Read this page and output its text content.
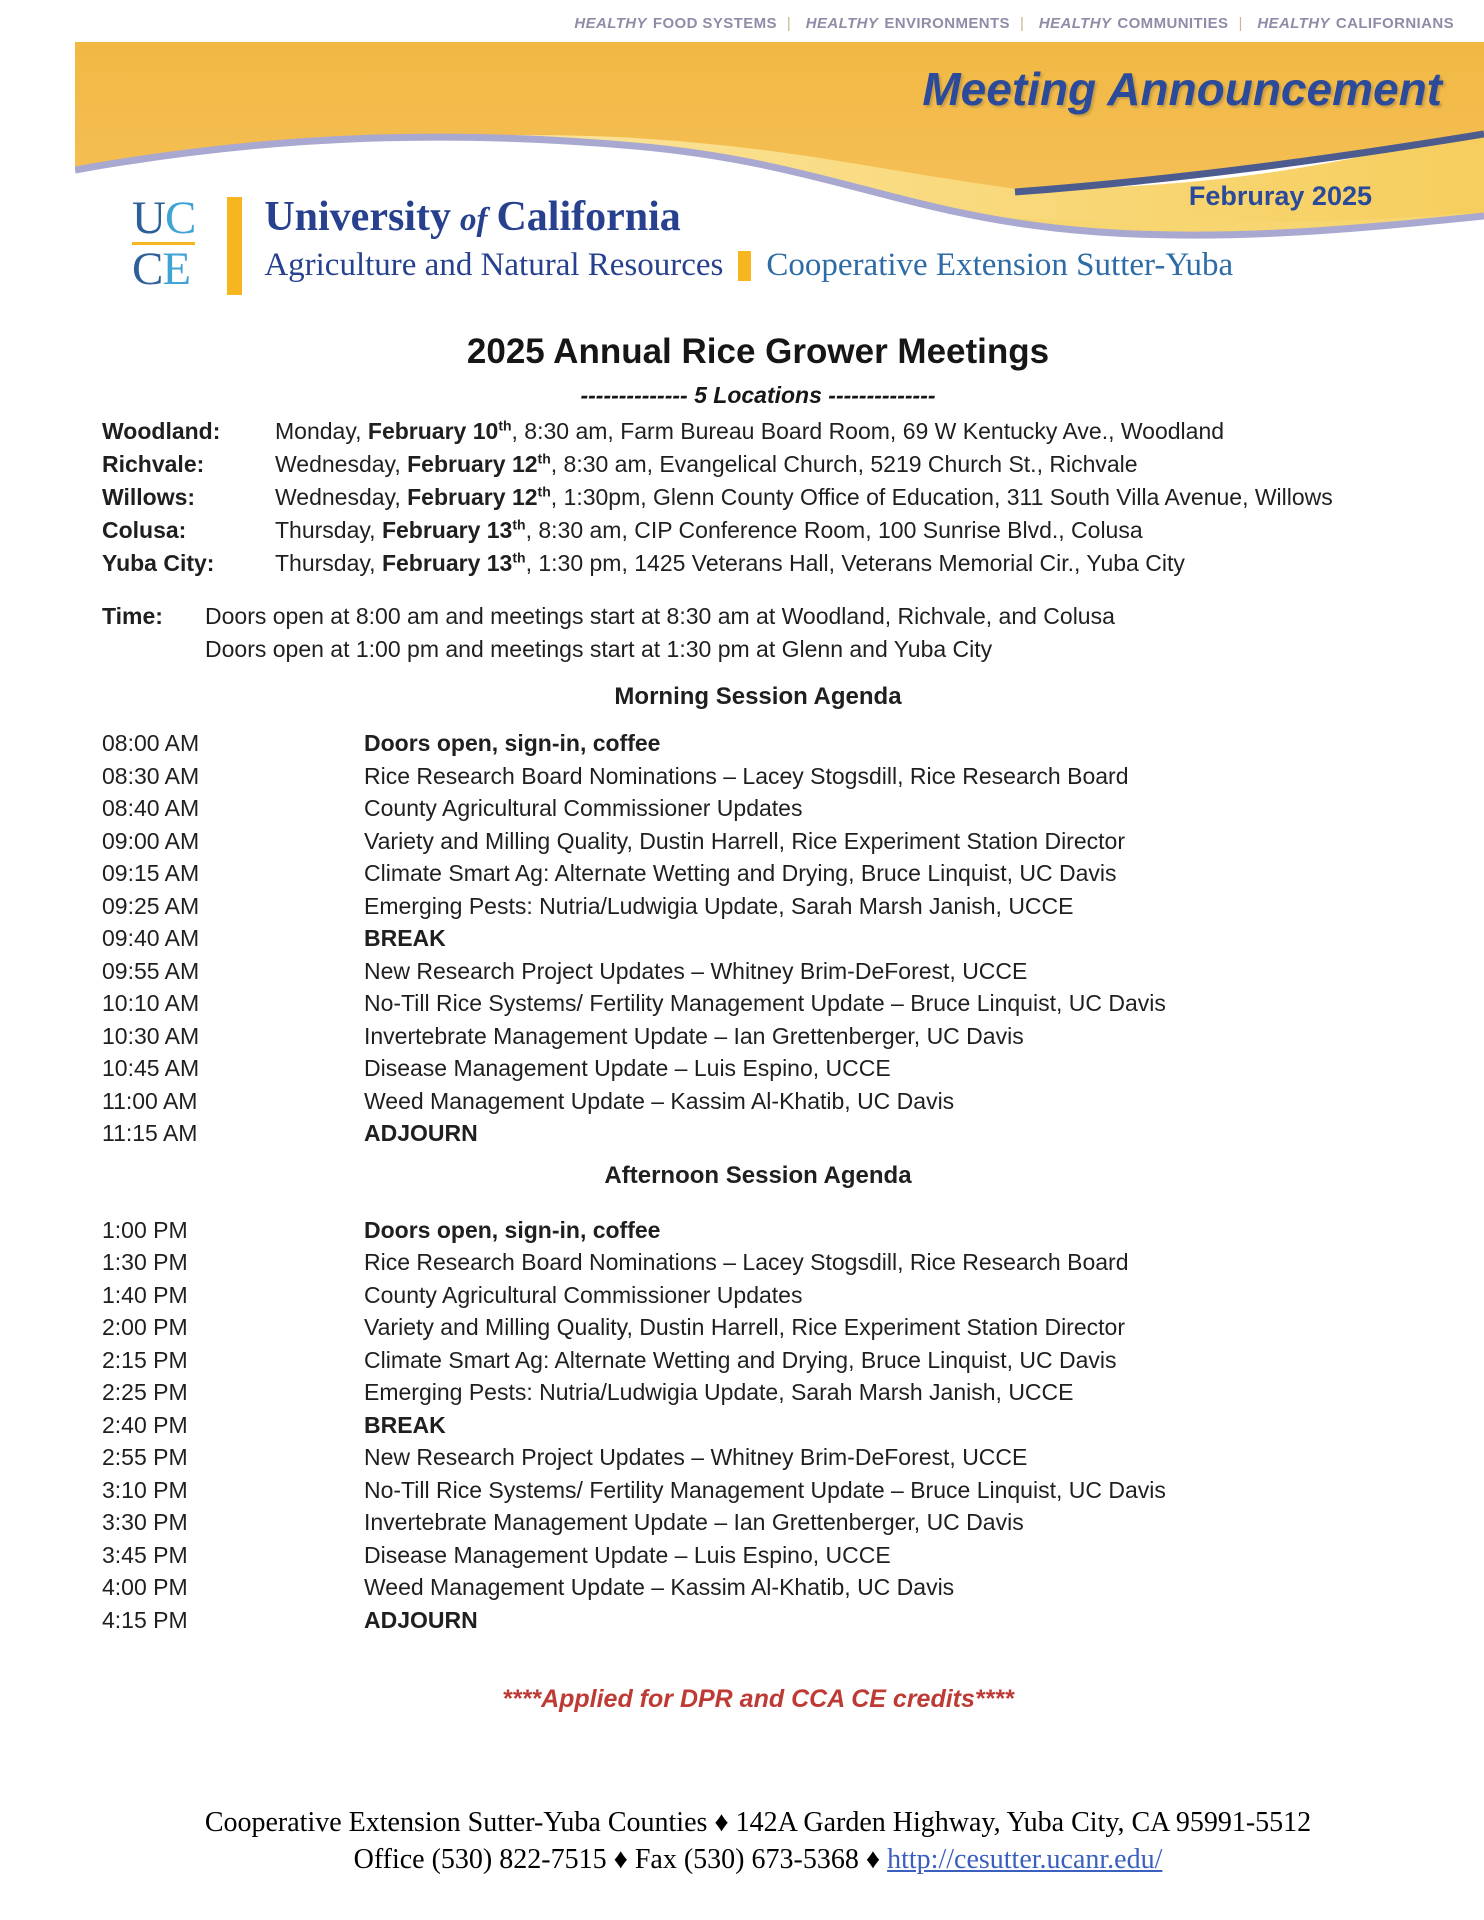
HEALTHY FOOD SYSTEMS | HEALTHY ENVIRONMENTS | HEALTHY COMMUNITIES | HEALTHY CALIFORNIANS
Meeting Announcement
Februray 2025
UC
CE
University of California
Agriculture and Natural Resources Cooperative Extension Sutter-Yuba
2025 Annual Rice Grower Meetings
-------------- 5 Locations --------------
Woodland: Monday, February 10th, 8:30 am, Farm Bureau Board Room, 69 W Kentucky Ave., Woodland
Richvale:	Wednesday, February 12th, 8:30 am, Evangelical Church, 5219 Church St., Richvale
Willows:	Wednesday, February 12th, 1:30pm, Glenn County Office of Education, 311 South Villa Avenue, Willows
Colusa:	Thursday, February 13th, 8:30 am, CIP Conference Room, 100 Sunrise Blvd., Colusa
Yuba City:	Thursday, February 13th, 1:30 pm, 1425 Veterans Hall, Veterans Memorial Cir., Yuba City
Time: Doors open at 8:00 am and meetings start at 8:30 am at Woodland, Richvale, and Colusa
Doors open at 1:00 pm and meetings start at 1:30 pm at Glenn and Yuba City
Morning Session Agenda
08:00 AM	Doors open, sign-in, coffee
08:30 AM	Rice Research Board Nominations – Lacey Stogsdill, Rice Research Board
08:40 AM	County Agricultural Commissioner Updates
09:00 AM	Variety and Milling Quality, Dustin Harrell, Rice Experiment Station Director
09:15 AM	Climate Smart Ag: Alternate Wetting and Drying, Bruce Linquist, UC Davis
09:25 AM	Emerging Pests: Nutria/Ludwigia Update, Sarah Marsh Janish, UCCE
09:40 AM	BREAK
09:55 AM	New Research Project Updates – Whitney Brim-DeForest, UCCE
10:10 AM	No-Till Rice Systems/ Fertility Management Update – Bruce Linquist, UC Davis
10:30 AM	Invertebrate Management Update – Ian Grettenberger, UC Davis
10:45 AM	Disease Management Update – Luis Espino, UCCE
11:00 AM	Weed Management Update – Kassim Al-Khatib, UC Davis
11:15 AM	ADJOURN
Afternoon Session Agenda
1:00 PM	Doors open, sign-in, coffee
1:30 PM	Rice Research Board Nominations – Lacey Stogsdill, Rice Research Board
1:40 PM	County Agricultural Commissioner Updates
2:00 PM	Variety and Milling Quality, Dustin Harrell, Rice Experiment Station Director
2:15 PM	Climate Smart Ag: Alternate Wetting and Drying, Bruce Linquist, UC Davis
2:25 PM	Emerging Pests: Nutria/Ludwigia Update, Sarah Marsh Janish, UCCE
2:40 PM	BREAK
2:55 PM	New Research Project Updates – Whitney Brim-DeForest, UCCE
3:10 PM	No-Till Rice Systems/ Fertility Management Update – Bruce Linquist, UC Davis
3:30 PM	Invertebrate Management Update – Ian Grettenberger, UC Davis
3:45 PM	Disease Management Update – Luis Espino, UCCE
4:00 PM	Weed Management Update – Kassim Al-Khatib, UC Davis
4:15 PM	ADJOURN
****Applied for DPR and CCA CE credits****
Cooperative Extension Sutter-Yuba Counties ♦ 142A Garden Highway, Yuba City, CA 95991-5512
Office (530) 822-7515 ♦ Fax (530) 673-5368 ♦ http://cesutter.ucanr.edu/
